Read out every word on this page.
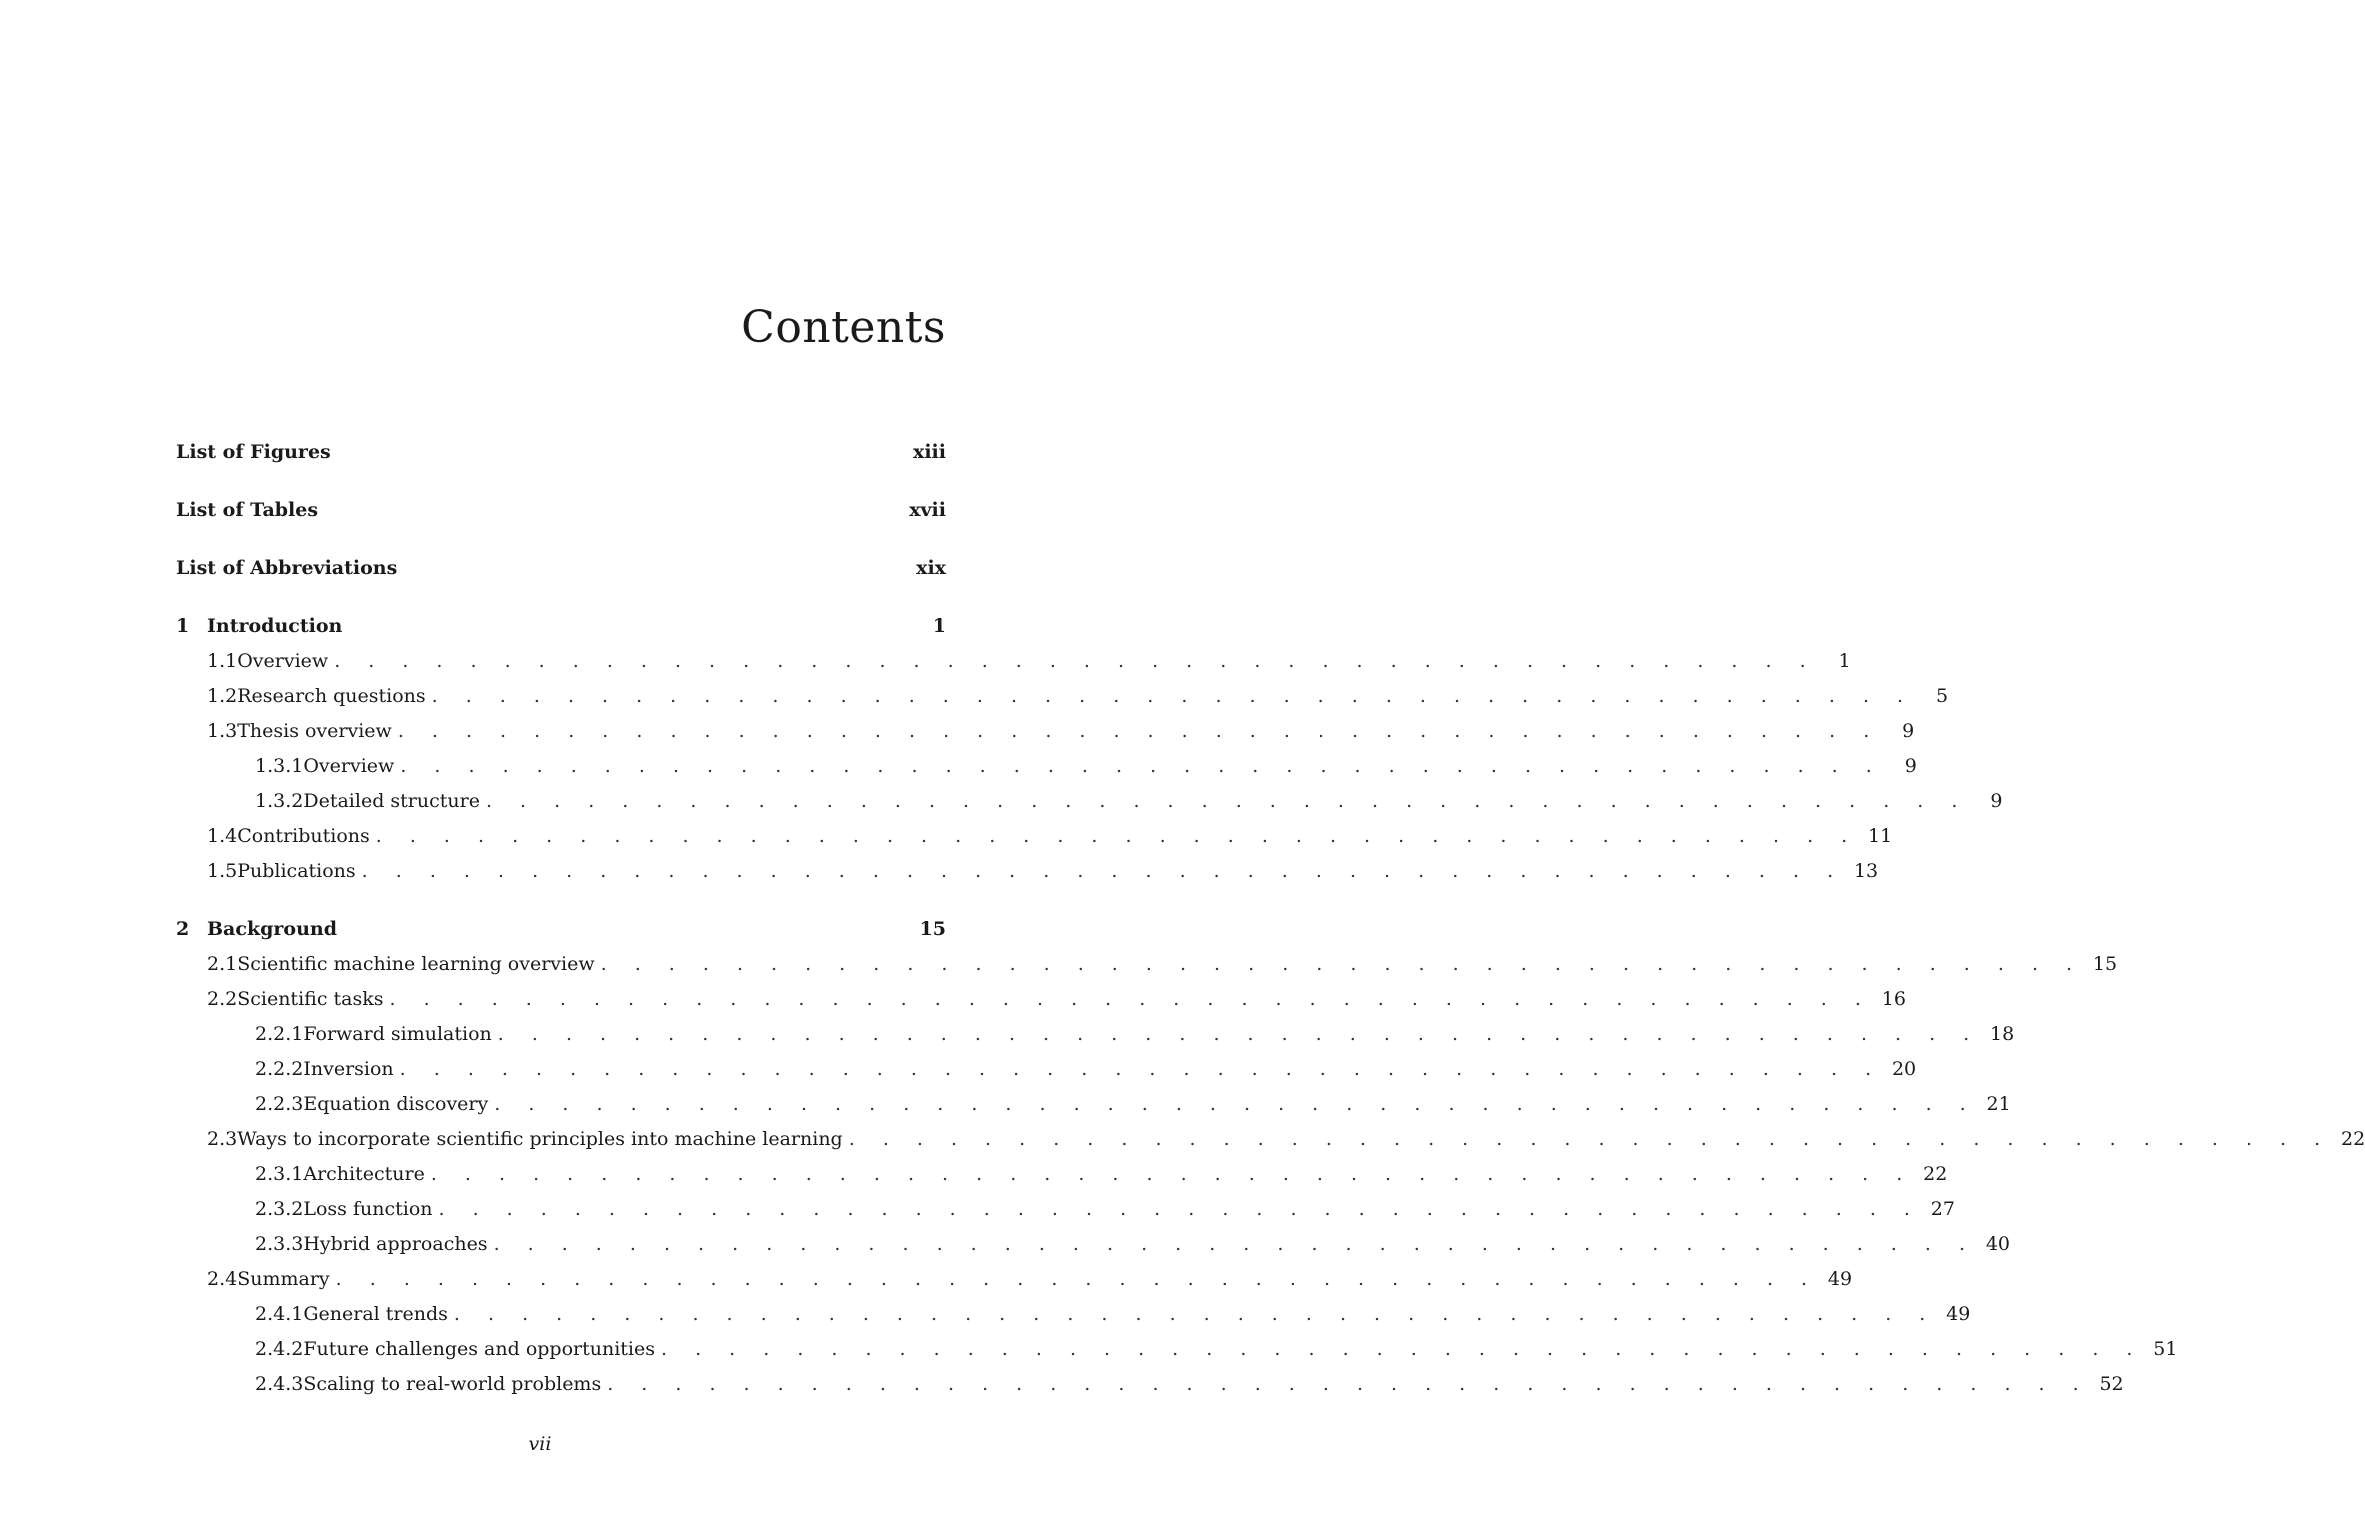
Contents
List of Figures	xiii
List of Tables	xvii
List of Abbreviations	xix
1 Introduction	1
1.1 Overview . . . . . . . . . . . . . . . . . . . . . . . . . . . . . . . . . . . . . . . . . . . .	1
1.2 Research questions . . . . . . . . . . . . . . . . . . . . . . . . . . . . . . . . . . . . . . . . . . . .	5
1.3 Thesis overview . . . . . . . . . . . . . . . . . . . . . . . . . . . . . . . . . . . . . . . . . . . .	9
1.3.1 Overview . . . . . . . . . . . . . . . . . . . . . . . . . . . . . . . . . . . . . . . . . . . .	9
1.3.2 Detailed structure . . . . . . . . . . . . . . . . . . . . . . . . . . . . . . . . . . . . . . . . . . . .	9
1.4 Contributions . . . . . . . . . . . . . . . . . . . . . . . . . . . . . . . . . . . . . . . . . . . . 11
1.5 Publications . . . . . . . . . . . . . . . . . . . . . . . . . . . . . . . . . . . . . . . . . . . . 13
2 Background	15
2.1 Scientific machine learning overview . . . . . . . . . . . . . . . . . . . . . . . . . . . . . . . . . . . . . . . . . . . . 15
2.2 Scientific tasks . . . . . . . . . . . . . . . . . . . . . . . . . . . . . . . . . . . . . . . . . . . . 16
2.2.1 Forward simulation . . . . . . . . . . . . . . . . . . . . . . . . . . . . . . . . . . . . . . . . . . . . 18
2.2.2 Inversion . . . . . . . . . . . . . . . . . . . . . . . . . . . . . . . . . . . . . . . . . . . . 20
2.2.3 Equation discovery . . . . . . . . . . . . . . . . . . . . . . . . . . . . . . . . . . . . . . . . . . . . 21
2.3 Ways to incorporate scientific principles into machine learning . . . . . . . . . . . . . . . . . . . . . . . . . . . . . . . . . . . . . . . . . . . . 22
2.3.1 Architecture . . . . . . . . . . . . . . . . . . . . . . . . . . . . . . . . . . . . . . . . . . . . 22
2.3.2 Loss function . . . . . . . . . . . . . . . . . . . . . . . . . . . . . . . . . . . . . . . . . . . . 27
2.3.3 Hybrid approaches . . . . . . . . . . . . . . . . . . . . . . . . . . . . . . . . . . . . . . . . . . . . 40
2.4 Summary . . . . . . . . . . . . . . . . . . . . . . . . . . . . . . . . . . . . . . . . . . . . 49
2.4.1 General trends . . . . . . . . . . . . . . . . . . . . . . . . . . . . . . . . . . . . . . . . . . . . 49
2.4.2 Future challenges and opportunities . . . . . . . . . . . . . . . . . . . . . . . . . . . . . . . . . . . . . . . . . . . . 51
2.4.3 Scaling to real-world problems . . . . . . . . . . . . . . . . . . . . . . . . . . . . . . . . . . . . . . . . . . . . 52
vii
